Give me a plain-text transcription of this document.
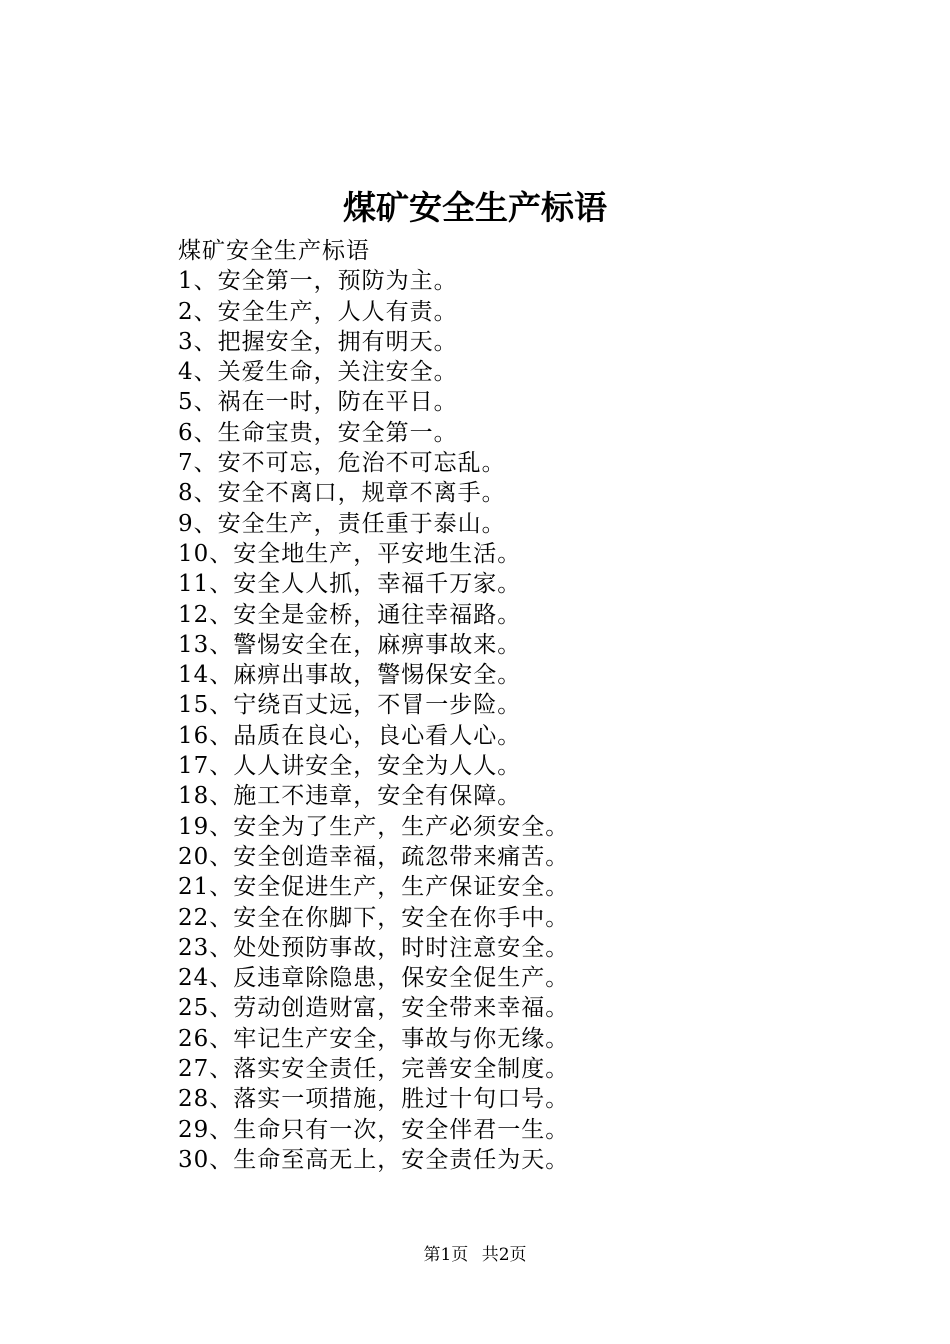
煤矿安全生产标语
煤矿安全生产标语
1、安全第一，预防为主。
2、安全生产，人人有责。
3、把握安全，拥有明天。
4、关爱生命，关注安全。
5、祸在一时，防在平日。
6、生命宝贵，安全第一。
7、安不可忘，危治不可忘乱。
8、安全不离口，规章不离手。
9、安全生产，责任重于泰山。
10、安全地生产，平安地生活。
11、安全人人抓，幸福千万家。
12、安全是金桥，通往幸福路。
13、警惕安全在，麻痹事故来。
14、麻痹出事故，警惕保安全。
15、宁绕百丈远，不冒一步险。
16、品质在良心，良心看人心。
17、人人讲安全，安全为人人。
18、施工不违章，安全有保障。
19、安全为了生产，生产必须安全。
20、安全创造幸福，疏忽带来痛苦。
21、安全促进生产，生产保证安全。
22、安全在你脚下，安全在你手中。
23、处处预防事故，时时注意安全。
24、反违章除隐患，保安全促生产。
25、劳动创造财富，安全带来幸福。
26、牢记生产安全，事故与你无缘。
27、落实安全责任，完善安全制度。
28、落实一项措施，胜过十句口号。
29、生命只有一次，安全伴君一生。
30、生命至高无上，安全责任为天。
第1页 共2页
